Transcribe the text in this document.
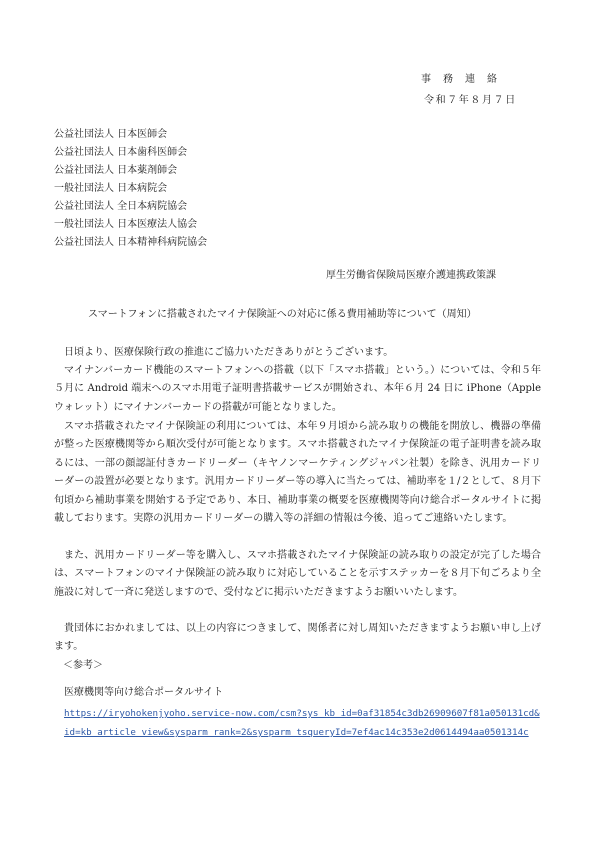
事務連絡
令和７年８月７日
公益社団法人 日本医師会
公益社団法人 日本歯科医師会
公益社団法人 日本薬剤師会
一般社団法人 日本病院会
公益社団法人 全日本病院協会
一般社団法人 日本医療法人協会
公益社団法人 日本精神科病院協会
厚生労働省保険局医療介護連携政策課
スマートフォンに搭載されたマイナ保険証への対応に係る費用補助等について（周知）

日頃より、医療保険行政の推進にご協力いただきありがとうございます。

マイナンバーカード機能のスマートフォンへの搭載（以下「スマホ搭載」という。）については、令和５年５月に Android 端末へのスマホ用電子証明書搭載サービスが開始され、本年６月 24 日に iPhone（Apple ウォレット）にマイナンバーカードの搭載が可能となりました。

スマホ搭載されたマイナ保険証の利用については、本年９月頃から読み取りの機能を開放し、機器の準備が整った医療機関等から順次受付が可能となります。スマホ搭載されたマイナ保険証の電子証明書を読み取るには、一部の顔認証付きカードリーダー（キヤノンマーケティングジャパン社製）を除き、汎用カードリーダーの設置が必要となります。汎用カードリーダー等の導入に当たっては、補助率を１/２として、８月下旬頃から補助事業を開始する予定であり、本日、補助事業の概要を医療機関等向け総合ポータルサイトに掲載しております。実際の汎用カードリーダーの購入等の詳細の情報は今後、追ってご連絡いたします。

また、汎用カードリーダー等を購入し、スマホ搭載されたマイナ保険証の読み取りの設定が完了した場合は、スマートフォンのマイナ保険証の読み取りに対応していることを示すステッカーを８月下旬ごろより全施設に対して一斉に発送しますので、受付などに掲示いただきますようお願いいたします。

貴団体におかれましては、以上の内容につきまして、関係者に対し周知いただきますようお願い申し上げます。

＜参考＞
医療機関等向け総合ポータルサイト

https://iryohokenjyoho.service-now.com/csm?sys_kb_id=0af31854c3db26909607f81a050131cd&id=kb_article_view&sysparm_rank=2&sysparm_tsqueryId=7ef4ac14c353e2d0614494aa0501314c
